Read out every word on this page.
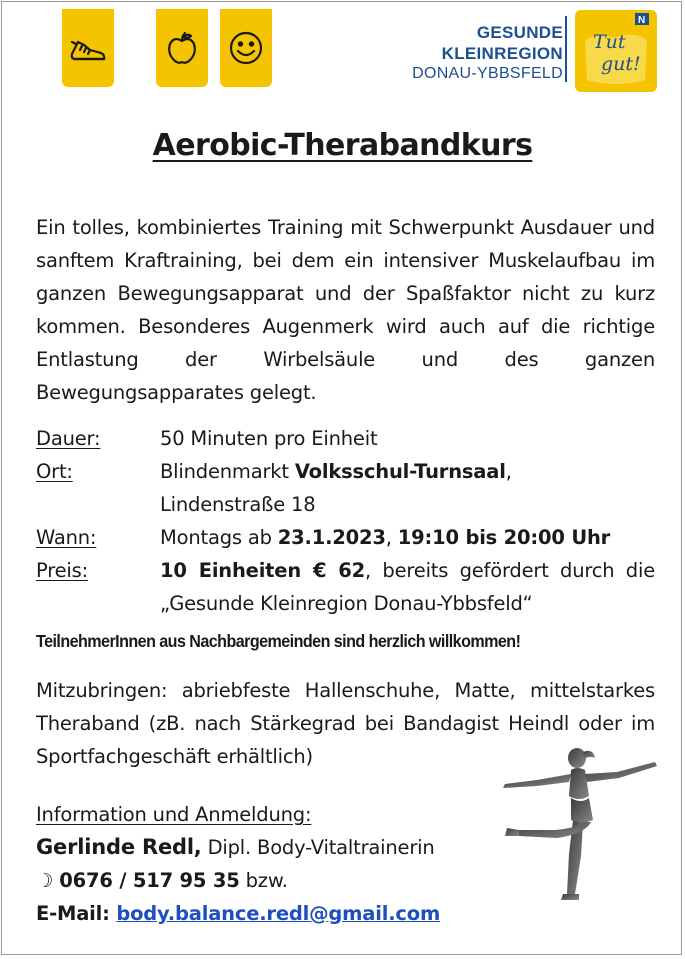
GESUNDE
KLEINREGION
DONAU-YBBSFELD
N
Tut
gut!
Aerobic-Therabandkurs

Ein tolles, kombiniertes Training mit Schwerpunkt Ausdauer und sanftem Kraftraining, bei dem ein intensiver Muskelaufbau im ganzen Bewegungsapparat und der Spaßfaktor nicht zu kurz kommen. Besonderes Augenmerk wird auch auf die richtige Entlastung der Wirbelsäule und des ganzen Bewegungsapparates gelegt.

Dauer:	50 Minuten pro Einheit
Ort:	Blindenmarkt Volksschul-Turnsaal,
Lindenstraße 18
Wann:	Montags ab 23.1.2023, 19:10 bis 20:00 Uhr
Preis:	10 Einheiten € 62, bereits gefördert durch die „Gesunde Kleinregion Donau-Ybbsfeld“
TeilnehmerInnen aus Nachbargemeinden sind herzlich willkommen!

Mitzubringen: abriebfeste Hallenschuhe, Matte, mittelstarkes Theraband (zB. nach Stärkegrad bei Bandagist Heindl oder im Sportfachgeschäft erhältlich)

Information und Anmeldung:
Gerlinde Redl, Dipl. Body-Vitaltrainerin
☽ 0676 / 517 95 35 bzw.
E-Mail: body.balance.redl@gmail.com
